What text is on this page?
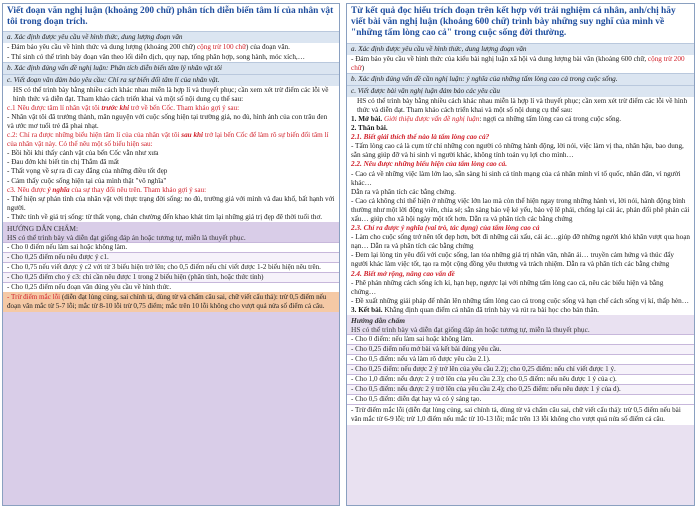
Viết đoạn văn nghị luận (khoảng 200 chữ) phân tích diễn biến tâm lí của nhân vật tôi trong đoạn trích.
a. Xác định được yêu cầu về hình thức, dung lượng đoạn văn
- Đảm bảo yêu cầu về hình thức và dung lượng (khoảng 200 chữ) cộng trừ 100 chữ) của đoạn văn.
- Thí sinh có thể trình bày đoạn văn theo lối diễn dịch, quy nạp, tổng phân hợp, song hành, móc xích,…
b. Xác định đúng vấn đề nghị luận: Phân tích diễn biến tâm lý nhân vật tôi
c. Viết đoạn văn đảm bảo yêu cầu: Chỉ ra sự biến đổi tâm lí của nhân vật.
HS có thể trình bày bằng nhiều cách khác nhau miễn là hợp lí và thuyết phục; cần xem xét trừ điểm các lỗi về hình thức và diễn đạt. Tham khảo cách triển khai và một số nội dung cụ thể sau:
c.1 Nêu được tâm lí nhân vật tôi trước khi trở về bến Cốc. Tham khảo gợi ý sau:
- Nhân vật tôi đã trưởng thành, mãn nguyện với cuộc sống hiện tại trường giả, no đủ, hình ảnh của con trâu đen và ước mơ tuổi trẻ đã phai nhạt.
c.2: Chỉ ra được những biểu hiện tâm lí của của nhân vật tôi sau khi trở lại bến Cốc để làm rõ sự biến đổi tâm lí của nhân vật này. Có thể nêu một số biểu hiện sau:
- Bồi hồi khi thấy cảnh vật của bến Cốc vẫn như xưa
- Đau đớn khi biết tin chị Thắm đã mất
- Thất vọng về sự ra đi cay đắng của những điều tốt đẹp
- Cảm thấy cuộc sống hiện tại của mình thật "vô nghĩa"
c3. Nêu được ý nghĩa của sự thay đổi nêu trên. Tham khảo gợi ý sau:
- Thể hiện sự phản tỉnh của nhân vật với thực trạng đời sống: no đủ, trường giả với mình và đau khổ, bất hạnh với người.
- Thức tỉnh về giá trị sống: từ thất vọng, chán chường đến khao khát tìm lại những giá trị đẹp đẽ thời tuổi thơ.
HƯỚNG DẪN CHẤM:
HS có thể trình bày và diễn đạt giống đáp án hoặc tương tự, miễn là thuyết phục.
- Cho 0 điểm nếu làm sai hoặc không làm.
- Cho 0,25 điểm nếu nêu được ý c1.
- Cho 0,75 nếu viết được ý c2 với từ 3 biểu hiện trở lên; cho 0,5 điểm nếu chỉ viết được 1-2 biểu hiện nêu trên.
- Cho 0,25 điểm cho ý c3: chỉ cần nêu được 1 trong 2 biểu hiện (phân tính, hoặc thức tỉnh)
- Cho 0,25 điểm nếu đoạn văn đúng yêu cầu về hình thức.
- Trừ điểm mắc lỗi (diễn đạt lủng củng, sai chính tả, dùng từ và chấm câu sai, chữ viết cẩu thả): trừ 0,5 điểm nếu đoạn văn mắc từ 5-7 lỗi; mắc từ 8-10 lỗi trừ 0,75 điểm; mắc trên 10 lỗi không cho vượt quá nửa số điểm cả câu.
Từ kết quả đọc hiểu trích đoạn trên kết hợp với trải nghiệm cá nhân, anh/chị hãy viết bài văn nghị luận (khoảng 600 chữ) trình bày những suy nghĩ của mình về "những tấm lòng cao cả" trong cuộc sống đời thường.
a. Xác định được yêu cầu về hình thức, dung lượng đoạn văn
- Đảm bảo yêu cầu về hình thức của kiểu bài nghị luận xã hội và dung lượng bài văn (khoảng 600 chữ, cộng trừ 200 chữ)
b. Xác định đúng vấn đề cần nghị luận: ý nghĩa của những tấm lòng cao cả trong cuộc sống.
c. Viết được bài văn nghị luận đảm bảo các yêu cầu
HS có thể trình bày bằng nhiều cách khác nhau miễn là hợp lí và thuyết phục; cần xem xét trừ điểm các lỗi về hình thức và diễn đạt. Tham khảo cách triển khai và một số nội dung cụ thể sau:
1. Mở bài. Giới thiệu được vấn đề nghị luận: ngợi ca những tấm lòng cao cả trong cuộc sống.
2. Thân bài.
2.1. Biết giải thích thế nào là tấm lòng cao cả?
- Tấm lòng cao cả là cụm từ chỉ những con người có những hành động, lời nói, việc làm vị tha, nhân hậu, bao dung, sẵn sàng giúp đỡ và hi sinh vì người khác, không tính toán vụ lợi cho mình…
2.2. Nêu được những biểu hiện của tấm lòng cao cả.
- Cao cả về những việc làm lớn lao, sẵn sàng hi sinh cả tính mạng của cá nhân mình vì tổ quốc, nhân dân, vì người khác…
Dẫn ra và phân tích các bằng chứng.
- Cao cả không chỉ thể hiện ở những việc lớn lao mà còn thể hiện ngay trong những hành vi, lời nói, hành động bình thường như một lời động viên, chia sẻ; sẵn sàng bảo vệ kẻ yếu, bảo vệ lẽ phải, chống lại cái ác, phản đối phê phán cái xấu… giúp cho xã hội ngày một tốt hơn. Dẫn ra và phân tích các bằng chứng
2.3. Chỉ ra được ý nghĩa (vai trò, tác dụng) của tấm lòng cao cả
- Làm cho cuộc sống trở nên tốt đẹp hơn, bớt đi những cái xấu, cái ác…giúp đỡ những người khó khăn vượt qua hoạn nạn… Dẫn ra và phân tích các bằng chứng
- Đem lại lòng tin yêu đối với cuộc sống, lan tỏa những giá trị nhân văn, nhân ái… truyền cảm hứng và thúc đẩy người khác làm việc tốt, tạo ra một cộng đồng yêu thương và trách nhiệm. Dẫn ra và phân tích các bằng chứng
2.4. Biết mở rộng, nâng cao vấn đề
- Phê phán những cách sống ích kỉ, hạn hẹp, ngược lại với những tấm lòng cao cả, nêu các biểu hiện và bằng chứng…
- Đề xuất những giải pháp để nhân lên những tấm lòng cao cả trong cuộc sống và hạn chế cách sống vị kỉ, thấp hèn…
3. Kết bài. Khẳng định quan điểm cá nhân đã trình bày và rút ra bài học cho bản thân.
Hướng dẫn chấm
HS có thể trình bày và diễn đạt giống đáp án hoặc tương tự, miễn là thuyết phục.
- Cho 0 điểm: nếu làm sai hoặc không làm.
- Cho 0,25 điểm nếu mở bài và kết bài đúng yêu cầu.
- Cho 0,5 điểm: nếu và làm rõ được yêu cầu 2.1).
- Cho 0,25 điểm: nếu được 2 ý trở lên của yêu cầu 2.2); cho 0,25 điểm: nếu chỉ viết được 1 ý.
- Cho 1,0 điểm: nếu được 2 ý trở lên của yêu cầu 2.3); cho 0,5 điểm: nếu nêu được 1 ý của c).
- Cho 0,5 điểm: nếu được 2 ý trở lên của yêu cầu 2.4); cho 0,25 điểm: nếu nêu được 1 ý của d).
- Cho 0,5 điểm: diễn đạt hay và có ý sáng tạo.
- Trừ điểm mắc lỗi (diễn đạt lủng củng, sai chính tả, dùng từ và chấm câu sai, chữ viết cẩu thả): trừ 0,5 điểm nếu bài văn mắc từ 6-9 lỗi; trừ 1,0 điểm nếu mắc từ 10-13 lỗi; mắc trên 13 lỗi không cho vượt quá nửa số điểm cả câu.
